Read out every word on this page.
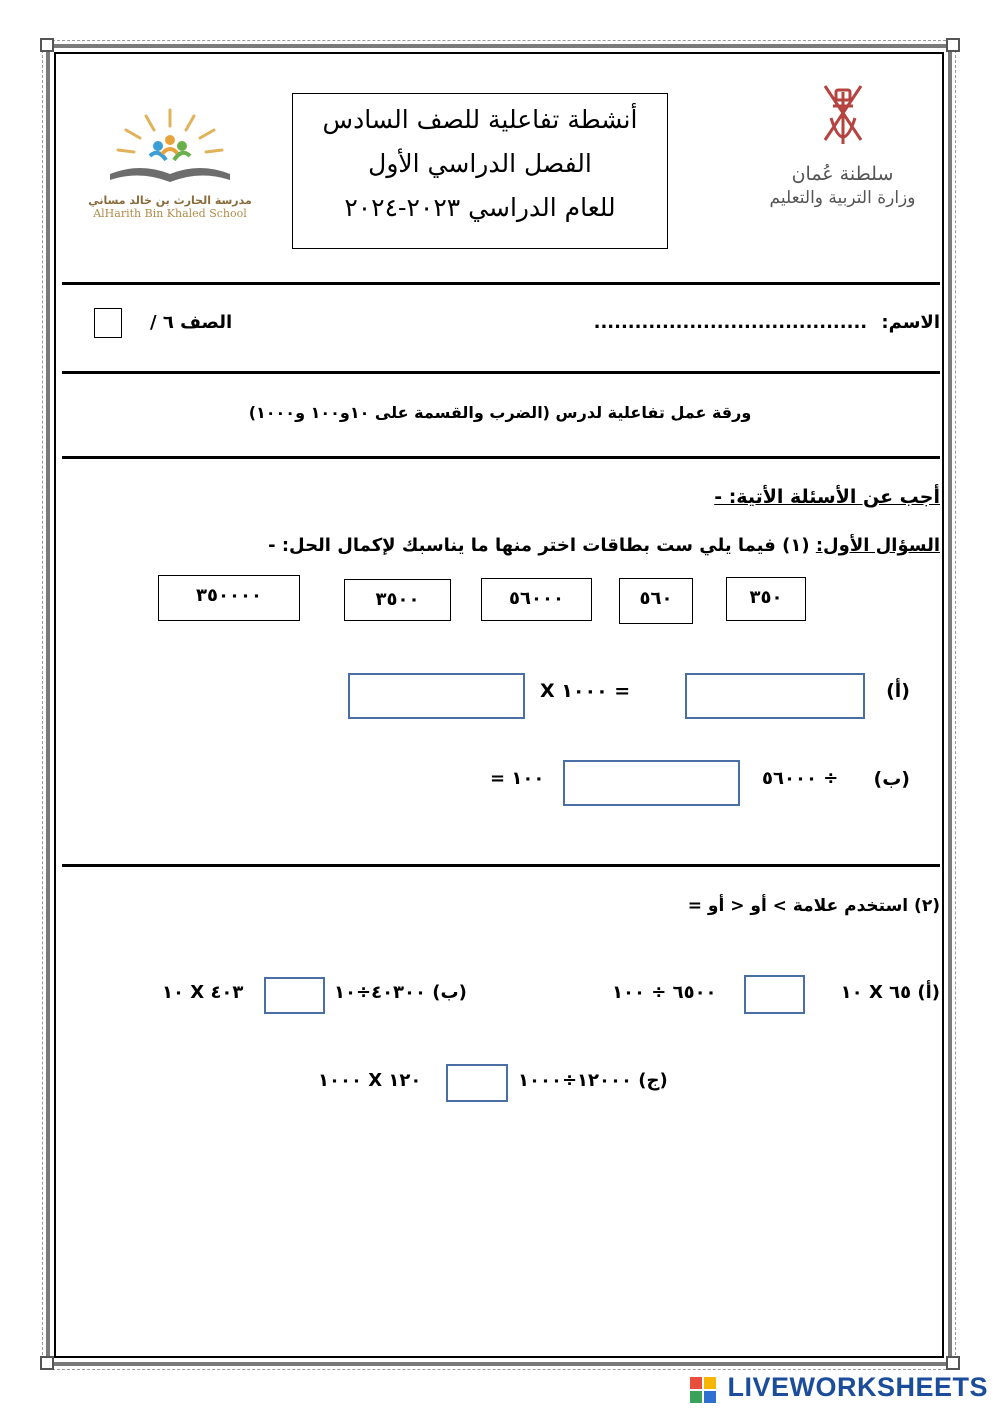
مدرسة الحارث بن خالد مساني
AlHarith Bin Khaled School
أنشطة تفاعلية للصف السادس
الفصل الدراسي الأول
للعام الدراسي ٢٠٢٣-٢٠٢٤
سلطنة عُمان
وزارة التربية والتعليم
الاسم: ........................................
الصف ٦ /
ورقة عمل تفاعلية لدرس (الضرب والقسمة على ١٠و١٠٠ و١٠٠٠)
أجب عن الأسئلة الأتية: -
السؤال الأول: (١) فيما يلي ست بطاقات اختر منها ما يناسبك لإكمال الحل: -
٣٥٠
٥٦٠
٥٦٠٠٠
٣٥٠٠
٣٥٠٠٠٠
(أ)
= ١٠٠٠ X
(ب)
÷ ٥٦٠٠٠
١٠٠ =
(٢) استخدم علامة > أو < أو =
(أ) ٦٥ X ١٠
٦٥٠٠ ÷ ١٠٠
(ب) ٤٠٣٠٠÷١٠
٤٠٣ X ١٠
(ج) ١٢٠٠٠÷١٠٠٠
١٢٠ X ١٠٠٠
LIVEWORKSHEETS
